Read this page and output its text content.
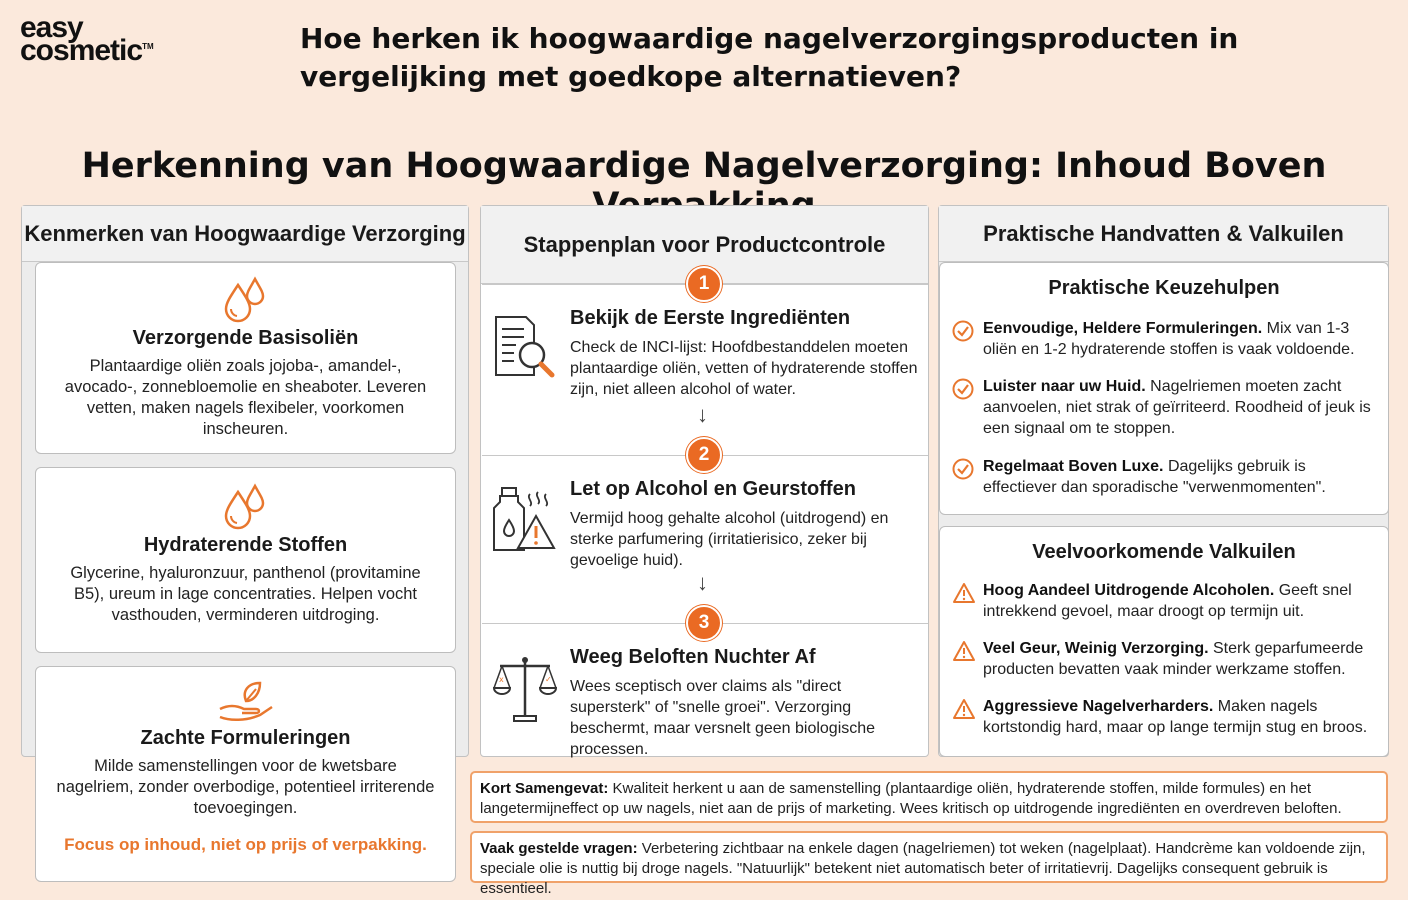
easy
cosmetic™	Hoe herken ik hoogwaardige nagelverzorgingsproducten in vergelijking met goedkope alternatieven?
Herkenning van Hoogwaardige Nagelverzorging: Inhoud Boven
Kenmerken van Hoogwaardige Verzorging
Verzorgende Basisoliën
Plantaardige oliën zoals jojoba-, amandel-, avocado-, zonnebloemolie en sheaboter. Leveren vetten, maken nagels flexibeler, voorkomen inscheuren.
Hydraterende Stoffen
Glycerine, hyaluronzuur, panthenol (provitamine B5), ureum in lage concentraties. Helpen vocht vasthouden, verminderen uitdroging.
Zachte Formuleringen
Milde samenstellingen voor de kwetsbare nagelriem, zonder overbodige, potentieel irriterende toevoegingen.
Focus op inhoud, niet op prijs of verpakking.
Stappenplan voor Productcontrole
Bekijk de Eerste Ingrediënten
Check de INCI-lijst: Hoofdbestanddelen moeten plantaardige oliën, vetten of hydraterende stoffen zijn, niet alleen alcohol of water.
Let op Alcohol en Geurstoffen
Vermijd hoog gehalte alcohol (uitdrogend) en sterke parfumering (irritatierisico, zeker bij gevoelige huid).
x	✓
Weeg Beloften Nuchter Af
Wees sceptisch over claims als "direct supersterk" of "snelle groei". Verzorging beschermt, maar versnelt geen biologische processen.
1
2
3
↓
↓
Praktische Handvatten & Valkuilen
Praktische Keuzehulpen
Eenvoudige, Heldere Formuleringen. Mix van 1-3 oliën en 1-2 hydraterende stoffen is vaak voldoende.
Luister naar uw Huid. Nagelriemen moeten zacht aanvoelen, niet strak of geïrriteerd. Roodheid of jeuk is een signaal om te stoppen.
Regelmaat Boven Luxe. Dagelijks gebruik is effectiever dan sporadische "verwenmomenten".
Veelvoorkomende Valkuilen
Hoog Aandeel Uitdrogende Alcoholen. Geeft snel intrekkend gevoel, maar droogt op termijn uit.
Veel Geur, Weinig Verzorging. Sterk geparfumeerde producten bevatten vaak minder werkzame stoffen.
Aggressieve Nagelverharders. Maken nagels kortstondig hard, maar op lange termijn stug en broos.
Kort Samengevat: Kwaliteit herkent u aan de samenstelling (plantaardige oliën, hydraterende stoffen, milde formules) en het langetermijneffect op uw nagels, niet aan de prijs of marketing. Wees kritisch op uitdrogende ingrediënten en overdreven beloften.
Vaak gestelde vragen: Verbetering zichtbaar na enkele dagen (nagelriemen) tot weken (nagelplaat). Handcrème kan voldoende zijn, speciale olie is nuttig bij droge nagels. "Natuurlijk" betekent niet automatisch beter of irritatievrij. Dagelijks consequent gebruik is essentieel.
